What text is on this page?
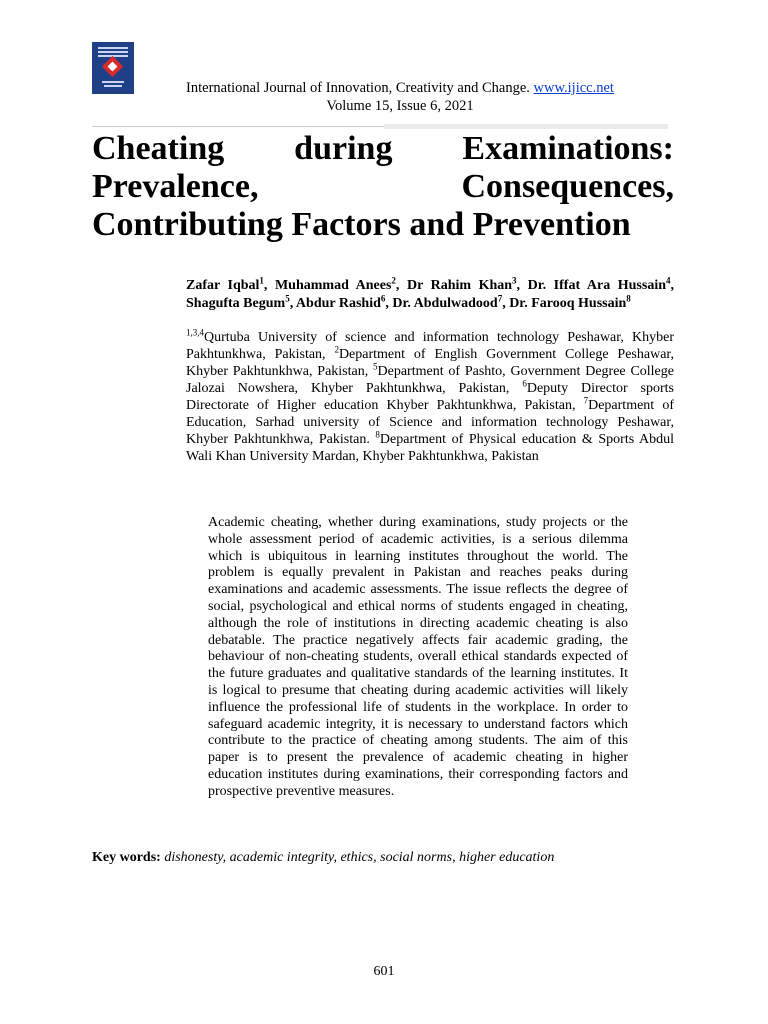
International Journal of Innovation, Creativity and Change. www.ijicc.net
Volume 15, Issue 6, 2021
Cheating during Examinations:
Prevalence, Consequences,
Contributing Factors and Prevention

Zafar Iqbal$^1$, Muhammad Anees$^2$, Dr Rahim Khan$^3$, Dr. Iffat Ara Hussain$^4$, Shagufta Begum$^5$, Abdur Rashid$^6$, Dr. Abdulwadood$^7$, Dr. Farooq Hussain$^8$

$^{1,3,4}$Qurtuba University of science and information technology Peshawar, Khyber Pakhtunkhwa, Pakistan, $^2$Department of English Government College Peshawar, Khyber Pakhtunkhwa, Pakistan, $^5$Department of Pashto, Government Degree College Jalozai Nowshera, Khyber Pakhtunkhwa, Pakistan, $^6$Deputy Director sports Directorate of Higher education Khyber Pakhtunkhwa, Pakistan, $^7$Department of Education, Sarhad university of Science and information technology Peshawar, Khyber Pakhtunkhwa, Pakistan. $^8$Department of Physical education & Sports Abdul Wali Khan University Mardan, Khyber Pakhtunkhwa, Pakistan

Academic cheating, whether during examinations, study projects or the whole assessment period of academic activities, is a serious dilemma which is ubiquitous in learning institutes throughout the world. The problem is equally prevalent in Pakistan and reaches peaks during examinations and academic assessments. The issue reflects the degree of social, psychological and ethical norms of students engaged in cheating, although the role of institutions in directing academic cheating is also debatable. The practice negatively affects fair academic grading, the behaviour of non-cheating students, overall ethical standards expected of the future graduates and qualitative standards of the learning institutes. It is logical to presume that cheating during academic activities will likely influence the professional life of students in the workplace. In order to safeguard academic integrity, it is necessary to understand factors which contribute to the practice of cheating among students. The aim of this paper is to present the prevalence of academic cheating in higher education institutes during examinations, their corresponding factors and prospective preventive measures.

Key words: dishonesty, academic integrity, ethics, social norms, higher education

601
